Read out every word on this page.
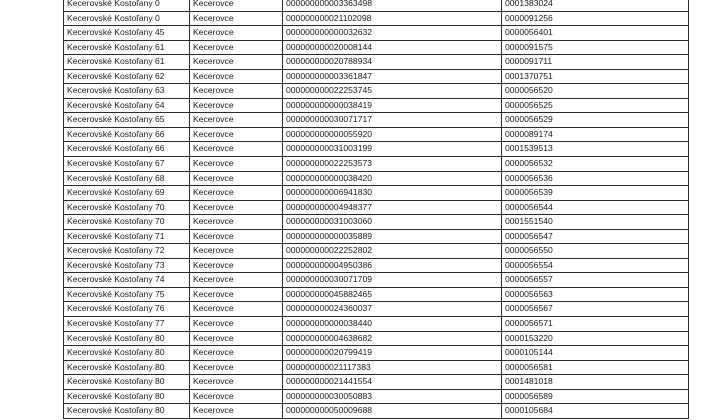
Kecerovské Kostoľany 0	Kecerovce	000000000003363498	0001383024
Kecerovské Kostoľany 0	Kecerovce	000000000021102098	0000091256
Kecerovské Kostoľany 45	Kecerovce	000000000000032632	0000056401
Kecerovské Kostoľany 61	Kecerovce	000000000020008144	0000091575
Kecerovské Kostoľany 61	Kecerovce	000000000020788934	0000091711
Kecerovské Kostoľany 62	Kecerovce	000000000003361847	0001370751
Kecerovské Kostoľany 63	Kecerovce	000000000022253745	0000056520
Kecerovské Kostoľany 64	Kecerovce	000000000000038419	0000056525
Kecerovské Kostoľany 65	Kecerovce	000000000030071717	0000056529
Kecerovské Kostoľany 66	Kecerovce	000000000000055920	0000089174
Kecerovské Kostoľany 66	Kecerovce	000000000031003199	0001539513
Kecerovské Kostoľany 67	Kecerovce	000000000022253573	0000056532
Kecerovské Kostoľany 68	Kecerovce	000000000000038420	0000056536
Kecerovské Kostoľany 69	Kecerovce	000000000006941830	0000056539
Kecerovské Kostoľany 70	Kecerovce	000000000004948377	0000056544
Kecerovské Kostoľany 70	Kecerovce	000000000031003060	0001551540
Kecerovské Kostoľany 71	Kecerovce	000000000000035889	0000056547
Kecerovské Kostoľany 72	Kecerovce	000000000022252802	0000056550
Kecerovské Kostoľany 73	Kecerovce	000000000004950386	0000056554
Kecerovské Kostoľany 74	Kecerovce	000000000030071709	0000056557
Kecerovské Kostoľany 75	Kecerovce	000000000045882465	0000056563
Kecerovské Kostoľany 76	Kecerovce	000000000024360037	0000056567
Kecerovské Kostoľany 77	Kecerovce	000000000000038440	0000056571
Kecerovské Kostoľany 80	Kecerovce	000000000004638682	0000153220
Kecerovské Kostoľany 80	Kecerovce	000000000020799419	0000105144
Kecerovské Kostoľany 80	Kecerovce	000000000021117383	0000056581
Kecerovské Kostoľany 80	Kecerovce	000000000021441554	0001481018
Kecerovské Kostoľany 80	Kecerovce	000000000030050883	0000056589
Kecerovské Kostoľany 80	Kecerovce	000000000050009688	0000105684
